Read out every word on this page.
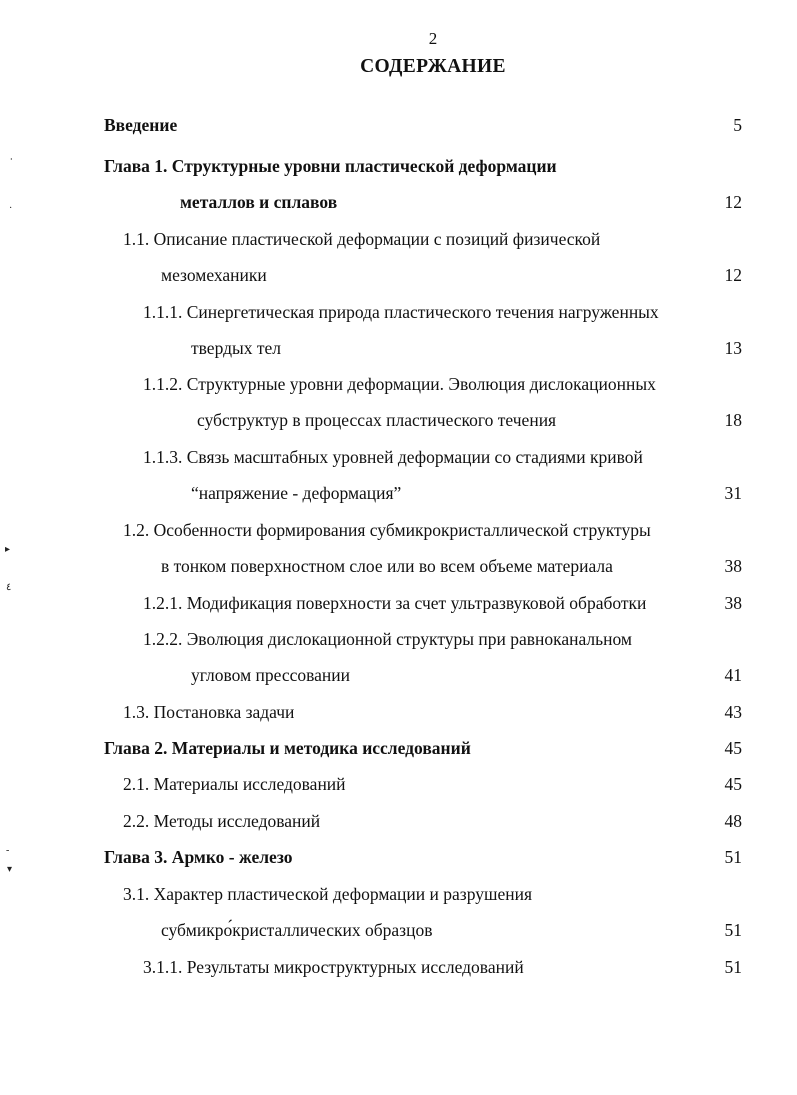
2
СОДЕРЖАНИЕ
Введение	5
Глава 1. Структурные уровни пластической деформации
металлов и сплавов	12
1.1. Описание пластической деформации с позиций физической
мезомеханики	12
1.1.1. Синергетическая природа пластического течения нагруженных
твердых тел	13
1.1.2. Структурные уровни деформации. Эволюция дислокационных
субструктур в процессах пластического течения	18
1.1.3. Связь масштабных уровней деформации со стадиями кривой
“напряжение - деформация”	31
1.2. Особенности формирования субмикрокристаллической структуры
в тонком поверхностном слое или во всем объеме материала	38
1.2.1. Модификация поверхности за счет ультразвуковой обработки	38
1.2.2. Эволюция дислокационной структуры при равноканальном
угловом прессовании	41
1.3. Постановка задачи	43
Глава 2. Материалы и методика исследований	45
2.1. Материалы исследований	45
2.2. Методы исследований	48
Глава 3. Армко - железо	51
3.1. Характер пластической деформации и разрушения
субмикро́кристаллических образцов	51
3.1.1. Результаты микроструктурных исследований	51
⸳
·
▸
٤
-
▾
